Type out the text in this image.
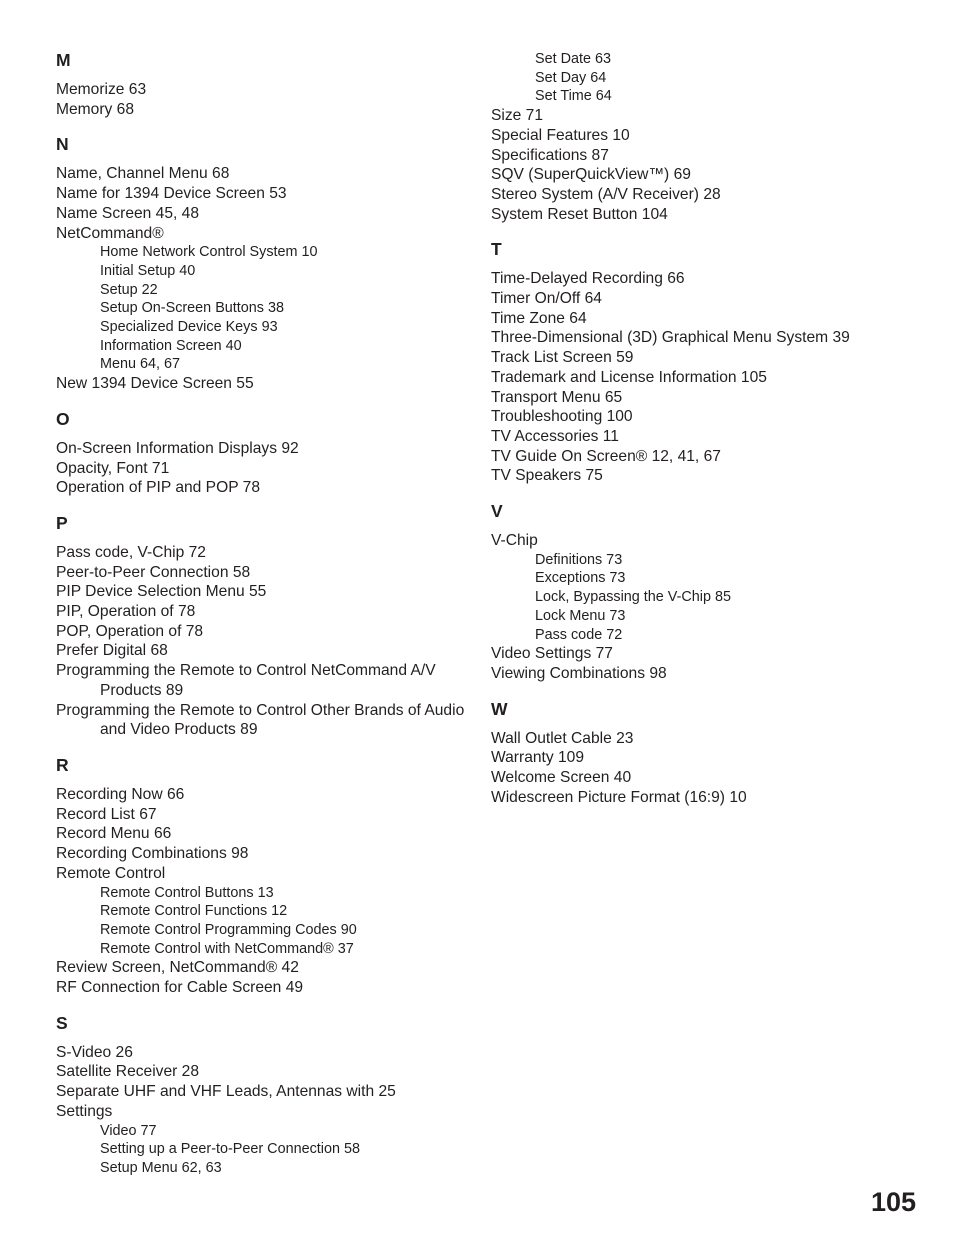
M
Memorize 63
Memory 68
N
Name, Channel Menu 68
Name for 1394 Device Screen 53
Name Screen 45, 48
NetCommand®
Home Network Control System 10
Initial Setup 40
Setup 22
Setup On-Screen Buttons 38
Specialized Device Keys 93
Information Screen 40
Menu 64, 67
New 1394 Device Screen 55
O
On-Screen Information Displays 92
Opacity, Font 71
Operation of PIP and POP 78
P
Pass code, V-Chip 72
Peer-to-Peer Connection 58
PIP Device Selection Menu 55
PIP, Operation of 78
POP, Operation of 78
Prefer Digital 68
Programming the Remote to Control NetCommand A/V Products 89
Programming the Remote to Control Other Brands of Audio and Video Products 89
R
Recording Now 66
Record List 67
Record Menu 66
Recording Combinations 98
Remote Control
Remote Control Buttons 13
Remote Control Functions 12
Remote Control Programming Codes 90
Remote Control with NetCommand® 37
Review Screen, NetCommand® 42
RF Connection for Cable Screen 49
S
S-Video 26
Satellite Receiver 28
Separate UHF and VHF Leads, Antennas with 25
Settings
Video 77
Setting up a Peer-to-Peer Connection 58
Setup Menu 62, 63
Set Date 63
Set Day 64
Set Time 64
Size 71
Special Features 10
Specifications 87
SQV (SuperQuickView™) 69
Stereo System (A/V Receiver) 28
System Reset Button 104
T
Time-Delayed Recording 66
Timer On/Off 64
Time Zone 64
Three-Dimensional (3D) Graphical Menu System 39
Track List Screen 59
Trademark and License Information 105
Transport Menu 65
Troubleshooting 100
TV Accessories 11
TV Guide On Screen® 12, 41, 67
TV Speakers 75
V
V-Chip
Definitions 73
Exceptions 73
Lock, Bypassing the V-Chip 85
Lock Menu 73
Pass code 72
Video Settings 77
Viewing Combinations 98
W
Wall Outlet Cable 23
Warranty 109
Welcome Screen 40
Widescreen Picture Format (16:9) 10
105
